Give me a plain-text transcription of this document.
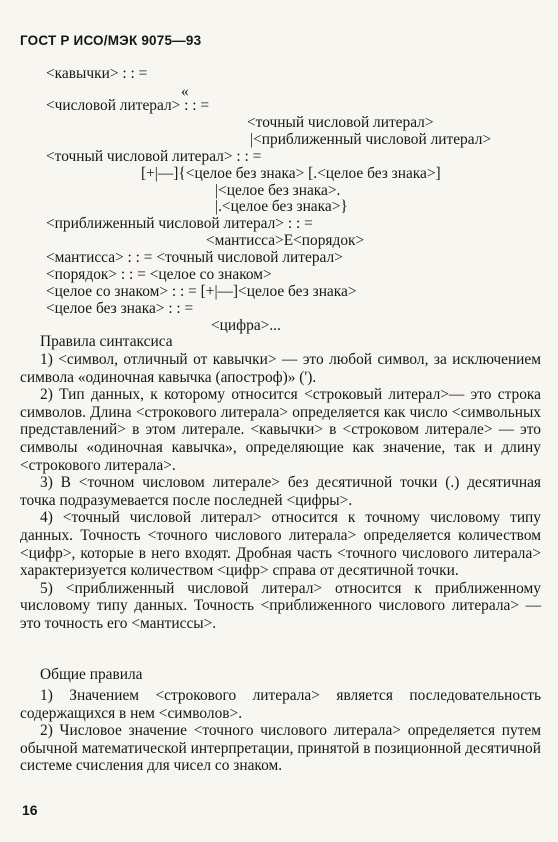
ГОСТ Р ИСО/МЭК 9075—93
<кавычки> : : =
«
<числовой литерал> : : =
<точный числовой литерал>
|<приближенный числовой литерал>
<точный числовой литерал> : : =
[+|—]{<целое без знака> [.<целое без знака>]
|<целое без знака>.
|.<целое без знака>}
<приближенный числовой литерал> : : =
<мантисса>E<порядок>
<мантисса> : : = <точный числовой литерал>
<порядок> : : = <целое со знаком>
<целое со знаком> : : = [+|—]<целое без знака>
<целое без знака> : : =
<цифра>...
Правила синтаксиса

1) <символ, отличный от кавычки> — это любой символ, за исключением символа «одиночная кавычка (апостроф)» (').

2) Тип данных, к которому относится <строковый литерал>— это строка символов. Длина <строкового литерала> определяется как число <символьных представлений> в этом литерале. <кавычки> в <строковом литерале> — это символы «одиночная кавычка», определяющие как значение, так и длину <строкового литерала>.

3) В <точном числовом литерале> без десятичной точки (.) десятичная точка подразумевается после последней <цифры>.

4) <точный числовой литерал> относится к точному числовому типу данных. Точность <точного числового литерала> определяется количеством <цифр>, которые в него входят. Дробная часть <точного числового литерала> характеризуется количеством <цифр> справа от десятичной точки.

5) <приближенный числовой литерал> относится к приближенному числовому типу данных. Точность <приближенного числового литерала> — это точность его <мантиссы>.

Общие правила

1) Значением <строкового литерала> является последовательность содержащихся в нем <символов>.

2) Числовое значение <точного числового литерала> определяется путем обычной математической интерпретации, принятой в позиционной десятичной системе счисления для чисел со знаком.

16
